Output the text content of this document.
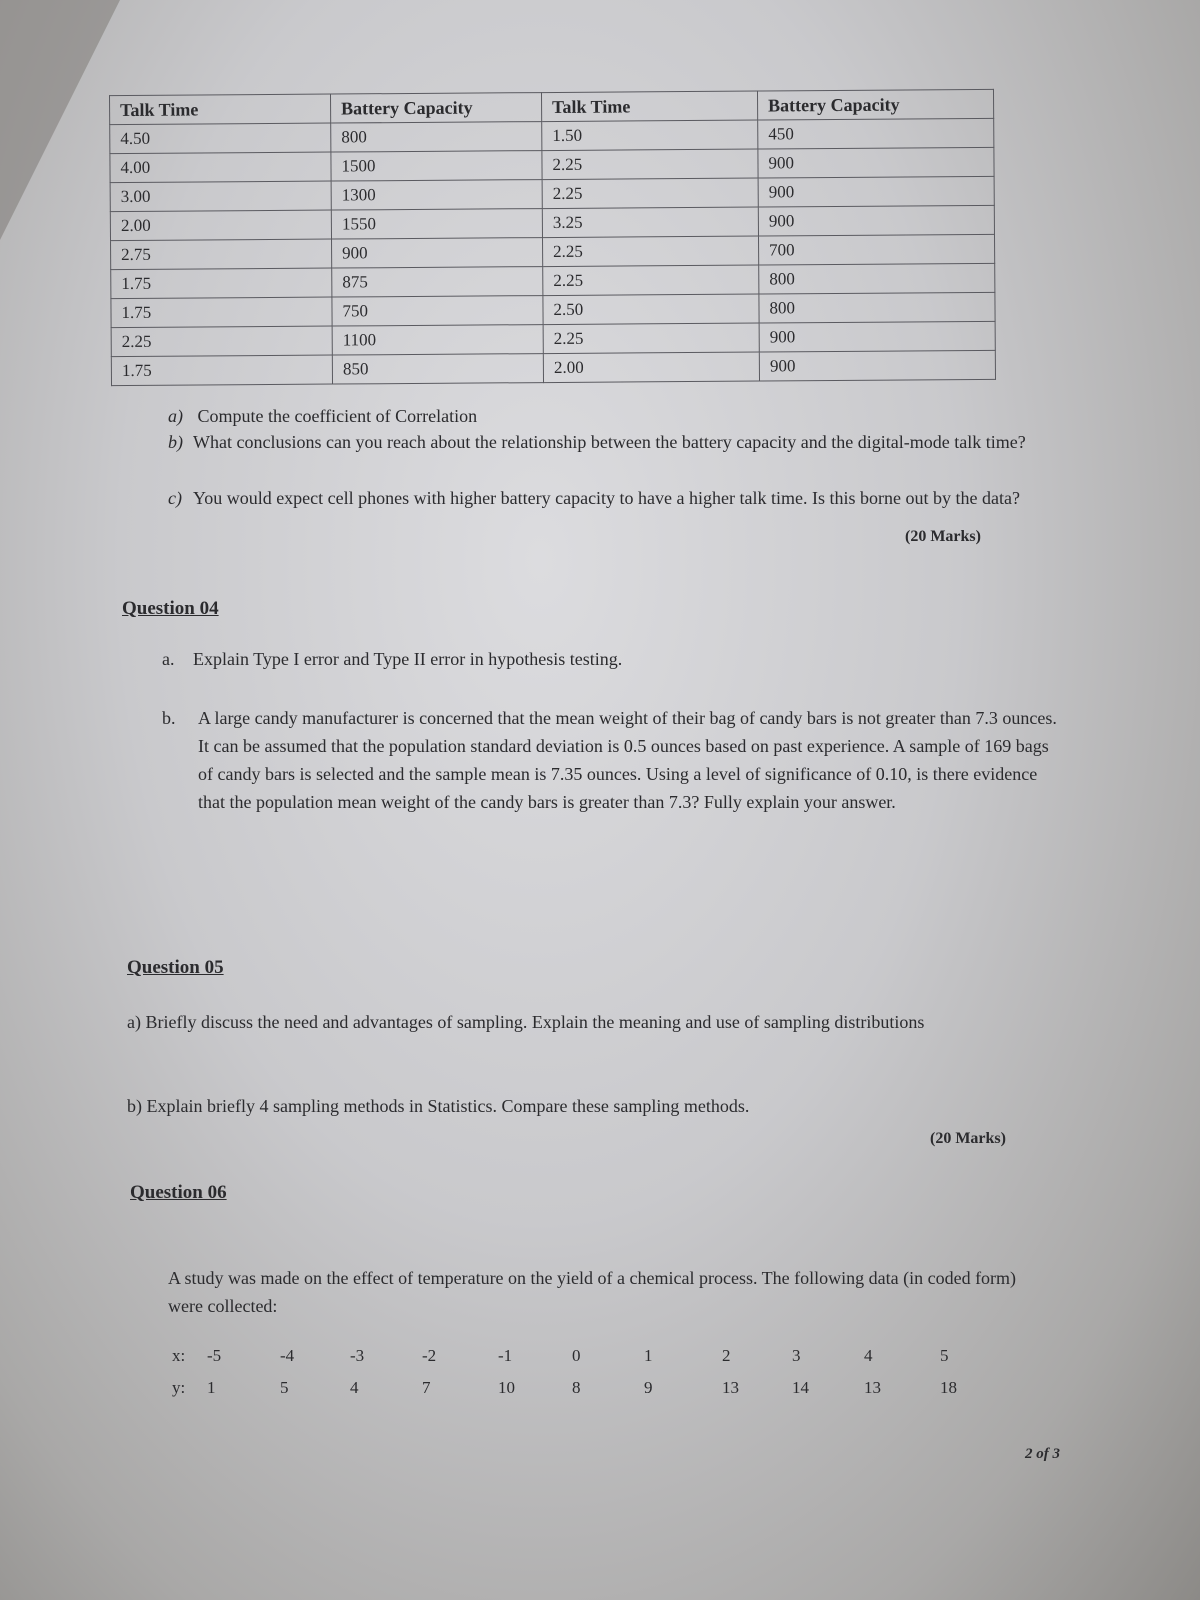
Talk Time	Battery Capacity	Talk Time	Battery Capacity
4.50	800	1.50	450
4.00	1500	2.25	900
3.00	1300	2.25	900
2.00	1550	3.25	900
2.75	900	2.25	700
1.75	875	2.25	800
1.75	750	2.50	800
2.25	1100	2.25	900
1.75	850	2.00	900
a) Compute the coefficient of Correlation
b) What conclusions can you reach about the relationship between the battery capacity and the digital-mode talk time?
c) You would expect cell phones with higher battery capacity to have a higher talk time. Is this borne out by the data?
(20 Marks)
Question 04
a. Explain Type I error and Type II error in hypothesis testing.
b.	A large candy manufacturer is concerned that the mean weight of their bag of candy bars is not greater than 7.3 ounces. It can be assumed that the population standard deviation is 0.5 ounces based on past experience. A sample of 169 bags of candy bars is selected and the sample mean is 7.35 ounces. Using a level of significance of 0.10, is there evidence that the population mean weight of the candy bars is greater than 7.3? Fully explain your answer.
Question 05
a) Briefly discuss the need and advantages of sampling. Explain the meaning and use of sampling distributions
b) Explain briefly 4 sampling methods in Statistics. Compare these sampling methods.
(20 Marks)
Question 06
A study was made on the effect of temperature on the yield of a chemical process. The following data (in coded form) were collected:
x: -5	-4	-3	-2	-1	0	1	2	3	4	5
y: 1	5	4	7	10	8	9	13	14	13	18
2 of 3
